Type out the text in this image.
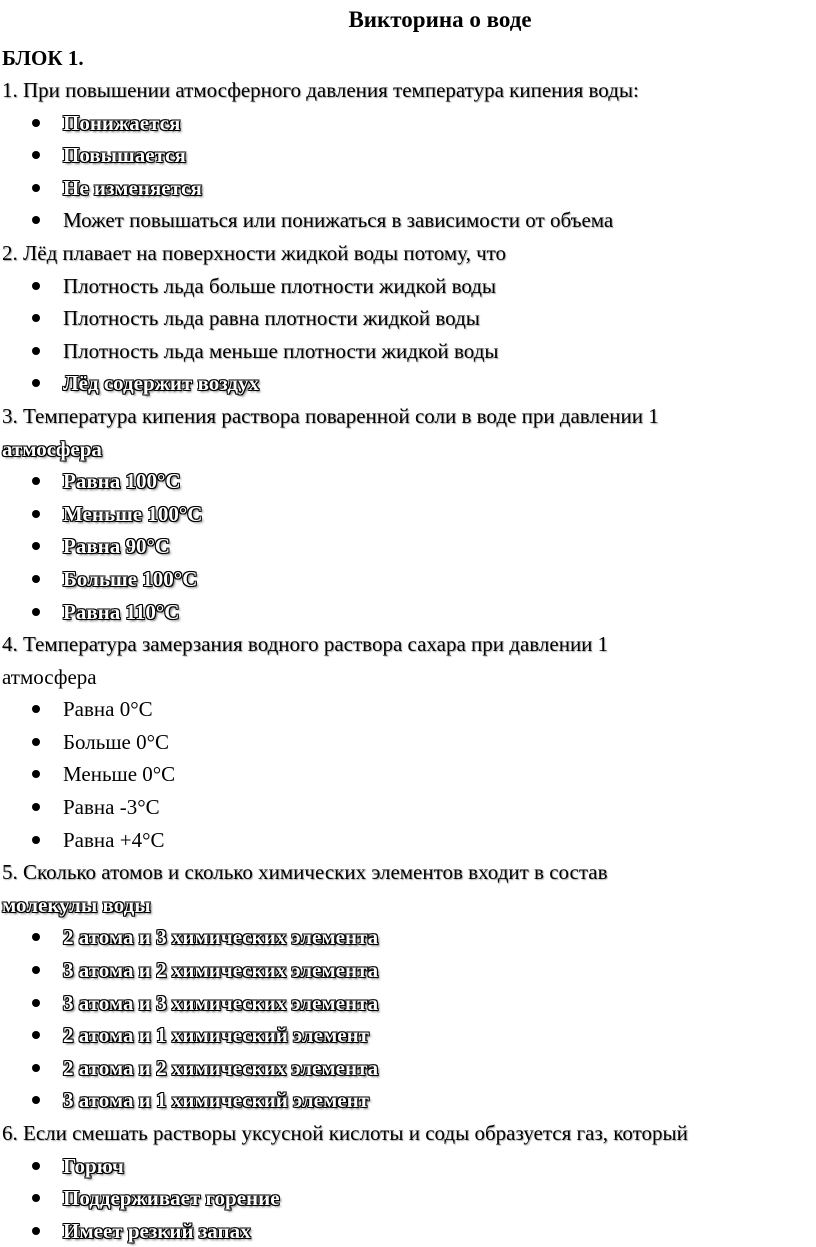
Викторина о воде
БЛОК 1.

1. При повышении атмосферного давления температура кипения воды:

Понижается
Повышается
Не изменяется
Может повышаться или понижаться в зависимости от объема

2. Лёд плавает на поверхности жидкой воды потому, что

Плотность льда больше плотности жидкой воды
Плотность льда равна плотности жидкой воды
Плотность льда меньше плотности жидкой воды
Лёд содержит воздух

3. Температура кипения раствора поваренной соли в воде при давлении 1

атмосфера

Равна 100°С
Меньше 100°С
Равна 90°С
Больше 100°С
Равна 110°С

4. Температура замерзания водного раствора сахара при давлении 1

атмосфера

Равна 0°С
Больше 0°С
Меньше 0°С
Равна -3°С
Равна +4°С

5. Сколько атомов и сколько химических элементов входит в состав

молекулы воды

2 атома и 3 химических элемента
3 атома и 2 химических элемента
3 атома и 3 химических элемента
2 атома и 1 химический элемент
2 атома и 2 химических элемента
3 атома и 1 химический элемент

6. Если смешать растворы уксусной кислоты и соды образуется газ, который

Горюч
Поддерживает горение
Имеет резкий запах
